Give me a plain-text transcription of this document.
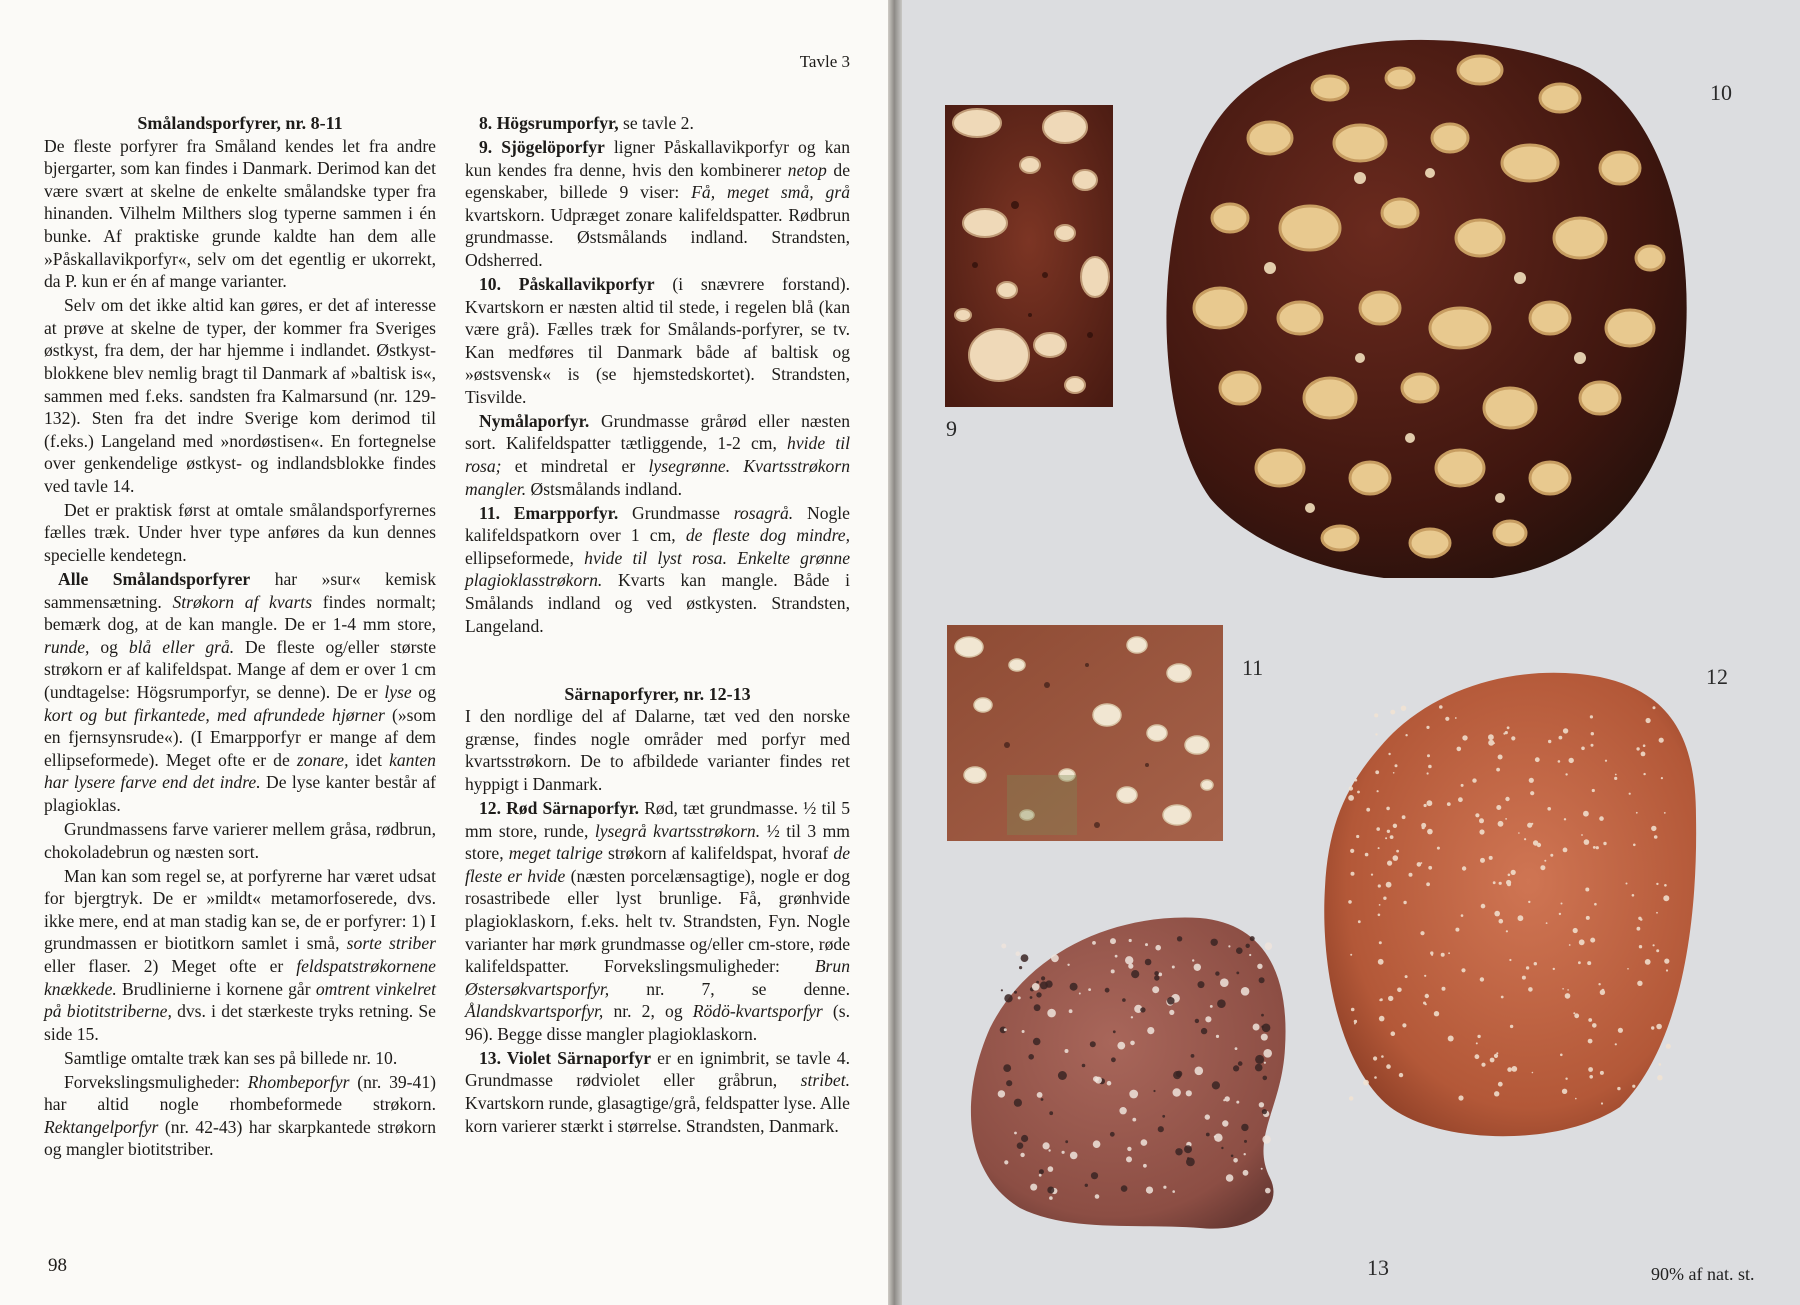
Tavle 3
Smålandsporfyrer, nr. 8-11

De fleste porfyrer fra Småland kendes let fra andre bjergarter, som kan findes i Danmark. Derimod kan det være svært at skelne de enkelte smålandske typer fra hinanden. Vilhelm Milthers slog typerne sammen i én bunke. Af praktiske grunde kaldte han dem alle »Påskallavikporfyr«, selv om det egentlig er ukorrekt, da P. kun er én af mange varianter.

Selv om det ikke altid kan gøres, er det af interesse at prøve at skelne de typer, der kommer fra Sveriges østkyst, fra dem, der har hjemme i indlandet. Østkyst-blokkene blev nemlig bragt til Danmark af »baltisk is«, sammen med f.eks. sandsten fra Kalmarsund (nr. 129-132). Sten fra det indre Sverige kom derimod til (f.eks.) Langeland med »nordøstisen«. En fortegnelse over genkendelige østkyst- og indlandsblokke findes ved tavle 14.

Det er praktisk først at omtale smålandsporfyrernes fælles træk. Under hver type anføres da kun dennes specielle kendetegn.

Alle Smålandsporfyrer har »sur« kemisk sammensætning. Strøkorn af kvarts findes normalt; bemærk dog, at de kan mangle. De er 1-4 mm store, runde, og blå eller grå. De fleste og/eller største strøkorn er af kalifeldspat. Mange af dem er over 1 cm (undtagelse: Högsrumporfyr, se denne). De er lyse og kort og but firkantede, med afrundede hjørner (»som en fjernsynsrude«). (I Emarpporfyr er mange af dem ellipseformede). Meget ofte er de zonare, idet kanten har lysere farve end det indre. De lyse kanter består af plagioklas.

Grundmassens farve varierer mellem gråsa, rødbrun, chokoladebrun og næsten sort.

Man kan som regel se, at porfyrerne har været udsat for bjergtryk. De er »mildt« metamorfoserede, dvs. ikke mere, end at man stadig kan se, de er porfyrer: 1) I grundmassen er biotitkorn samlet i små, sorte striber eller flaser. 2) Meget ofte er feldspatstrøkornene knækkede. Brudlinierne i kornene går omtrent vinkelret på biotitstriberne, dvs. i det stærkeste tryks retning. Se side 15.

Samtlige omtalte træk kan ses på billede nr. 10.

Forvekslingsmuligheder: Rhombeporfyr (nr. 39-41) har altid nogle rhombeformede strøkorn. Rektangelporfyr (nr. 42-43) har skarpkantede strøkorn og mangler biotitstriber.

8. Högsrumporfyr, se tavle 2.

9. Sjögelöporfyr ligner Påskallavikporfyr og kan kun kendes fra denne, hvis den kombinerer netop de egenskaber, billede 9 viser: Få, meget små, grå kvartskorn. Udpræget zonare kalifeldspatter. Rødbrun grundmasse. Østsmålands indland. Strandsten, Odsherred.

10. Påskallavikporfyr (i snævrere forstand). Kvartskorn er næsten altid til stede, i regelen blå (kan være grå). Fælles træk for Smålands-porfyrer, se tv. Kan medføres til Danmark både af baltisk og »østsvensk« is (se hjemstedskortet). Strandsten, Tisvilde.

Nymålaporfyr. Grundmasse grårød eller næsten sort. Kalifeldspatter tætliggende, 1-2 cm, hvide til rosa; et mindretal er lysegrønne. Kvartsstrøkorn mangler. Østsmålands indland.

11. Emarpporfyr. Grundmasse rosagrå. Nogle kalifeldspatkorn over 1 cm, de fleste dog mindre, ellipseformede, hvide til lyst rosa. Enkelte grønne plagioklasstrøkorn. Kvarts kan mangle. Både i Smålands indland og ved østkysten. Strandsten, Langeland.

Särnaporfyrer, nr. 12-13

I den nordlige del af Dalarne, tæt ved den norske grænse, findes nogle områder med porfyr med kvartsstrøkorn. De to afbildede varianter findes ret hyppigt i Danmark.

12. Rød Särnaporfyr. Rød, tæt grundmasse. ½ til 5 mm store, runde, lysegrå kvartsstrøkorn. ½ til 3 mm store, meget talrige strøkorn af kalifeldspat, hvoraf de fleste er hvide (næsten porcelænsagtige), nogle er dog rosastribede eller lyst brunlige. Få, grønhvide plagioklaskorn, f.eks. helt tv. Strandsten, Fyn. Nogle varianter har mørk grundmasse og/eller cm-store, røde kalifeldspatter. Forvekslingsmuligheder: Brun Østersøkvartsporfyr, nr. 7, se denne. Ålandskvartsporfyr, nr. 2, og Rödö-kvartsporfyr (s. 96). Begge disse mangler plagioklaskorn.

13. Violet Särnaporfyr er en ignimbrit, se tavle 4. Grundmasse rødviolet eller gråbrun, stribet. Kvartskorn runde, glasagtige/grå, feldspatter lyse. Alle korn varierer stærkt i størrelse. Strandsten, Danmark.

98
9
10
11	12
13	90% af nat. st.
